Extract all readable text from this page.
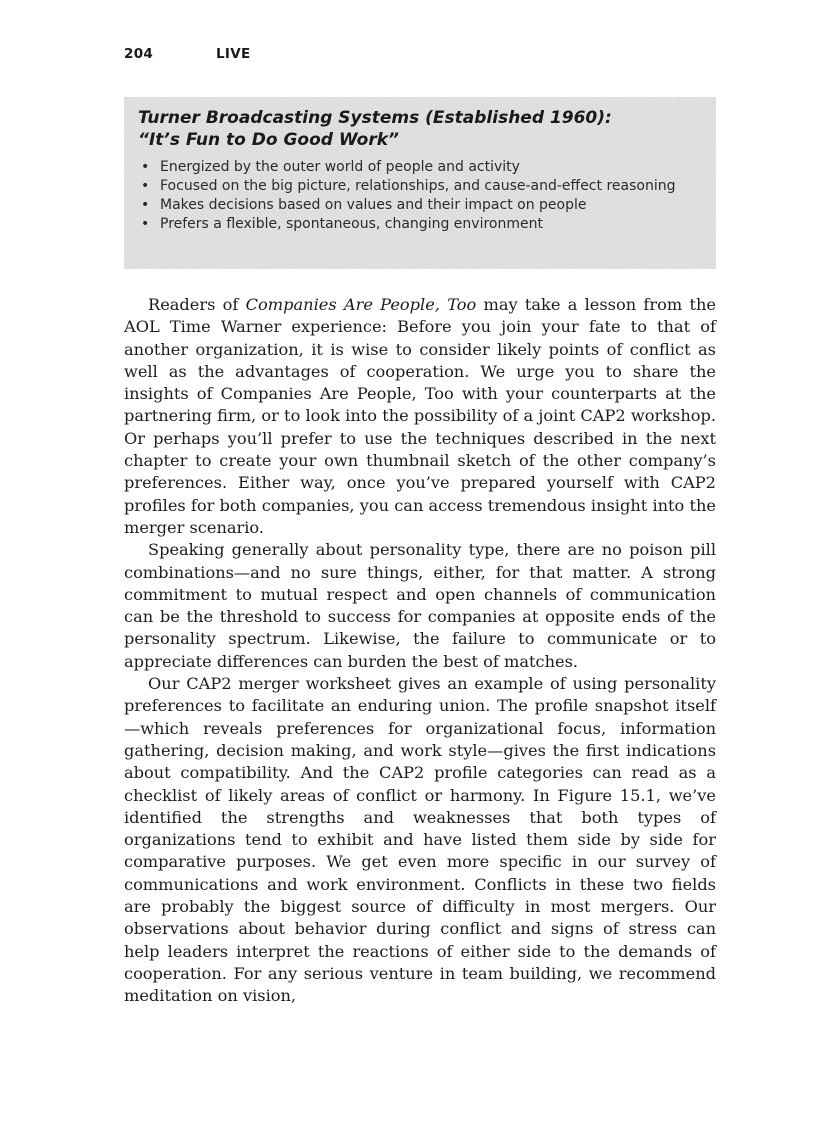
204	LIVE

Turner Broadcasting Systems (Established 1960):
“It’s Fun to Do Good Work”

• Energized by the outer world of people and activity
• Focused on the big picture, relationships, and cause-and-effect reasoning
• Makes decisions based on values and their impact on people
• Prefers a flexible, spontaneous, changing environment

Readers of Companies Are People, Too may take a lesson from the AOL Time Warner experience: Before you join your fate to that of another organization, it is wise to consider likely points of conflict as well as the advantages of cooperation. We urge you to share the insights of Companies Are People, Too with your counterparts at the partnering firm, or to look into the possibility of a joint CAP2 workshop. Or perhaps you’ll prefer to use the techniques described in the next chapter to create your own thumbnail sketch of the other company’s preferences. Either way, once you’ve prepared yourself with CAP2 profiles for both companies, you can access tremendous insight into the merger scenario.

Speaking generally about personality type, there are no poison pill combinations—and no sure things, either, for that matter. A strong commitment to mutual respect and open channels of communication can be the threshold to success for companies at opposite ends of the personality spectrum. Likewise, the failure to communicate or to appreciate differences can burden the best of matches.

Our CAP2 merger worksheet gives an example of using personality preferences to facilitate an enduring union. The profile snapshot itself—which reveals preferences for organizational focus, information gathering, decision making, and work style—gives the first indications about compatibility. And the CAP2 profile categories can read as a checklist of likely areas of conflict or harmony. In Figure 15.1, we’ve identified the strengths and weaknesses that both types of organizations tend to exhibit and have listed them side by side for comparative purposes. We get even more specific in our survey of communications and work environment. Conflicts in these two fields are probably the biggest source of difficulty in most mergers. Our observations about behavior during conflict and signs of stress can help leaders interpret the reactions of either side to the demands of cooperation. For any serious venture in team building, we recommend meditation on vision,
